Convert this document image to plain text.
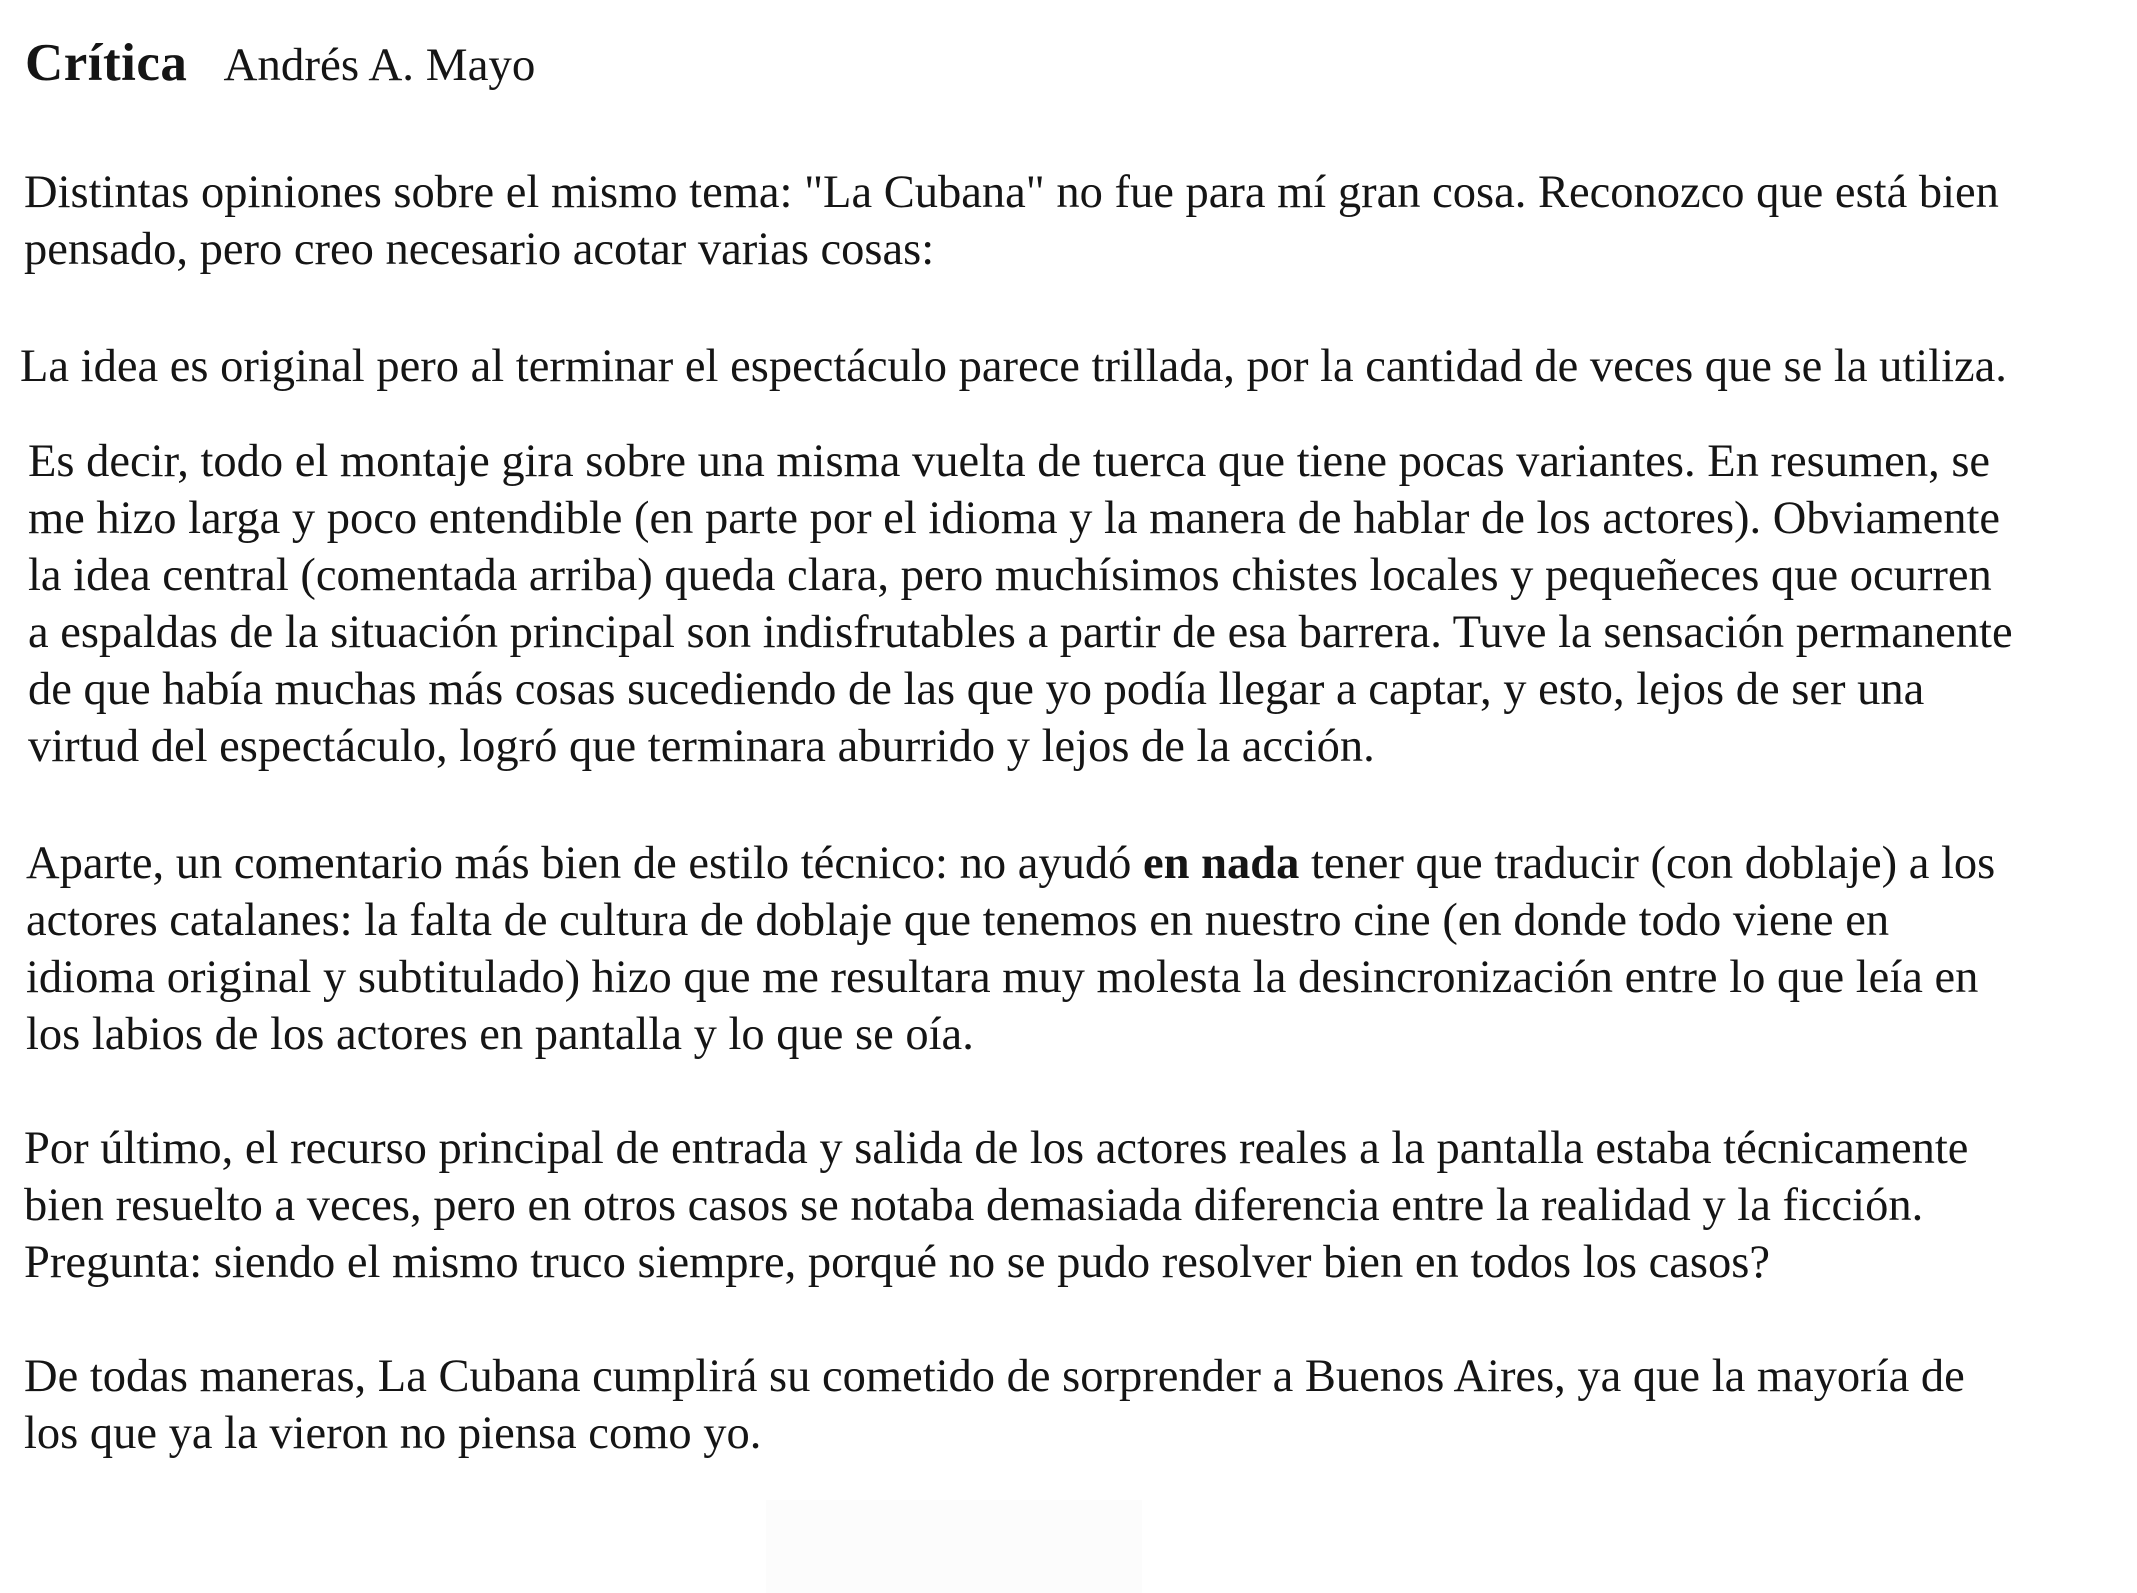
Crítica Andrés A. Mayo

Distintas opiniones sobre el mismo tema: "La Cubana" no fue para mí gran cosa. Reconozco que está bien
pensado, pero creo necesario acotar varias cosas:

La idea es original pero al terminar el espectáculo parece trillada, por la cantidad de veces que se la utiliza.

Es decir, todo el montaje gira sobre una misma vuelta de tuerca que tiene pocas variantes. En resumen, se
me hizo larga y poco entendible (en parte por el idioma y la manera de hablar de los actores). Obviamente
la idea central (comentada arriba) queda clara, pero muchísimos chistes locales y pequeñeces que ocurren
a espaldas de la situación principal son indisfrutables a partir de esa barrera. Tuve la sensación permanente
de que había muchas más cosas sucediendo de las que yo podía llegar a captar, y esto, lejos de ser una
virtud del espectáculo, logró que terminara aburrido y lejos de la acción.

Aparte, un comentario más bien de estilo técnico: no ayudó en nada tener que traducir (con doblaje) a los
actores catalanes: la falta de cultura de doblaje que tenemos en nuestro cine (en donde todo viene en
idioma original y subtitulado) hizo que me resultara muy molesta la desincronización entre lo que leía en
los labios de los actores en pantalla y lo que se oía.

Por último, el recurso principal de entrada y salida de los actores reales a la pantalla estaba técnicamente
bien resuelto a veces, pero en otros casos se notaba demasiada diferencia entre la realidad y la ficción.
Pregunta: siendo el mismo truco siempre, porqué no se pudo resolver bien en todos los casos?

De todas maneras, La Cubana cumplirá su cometido de sorprender a Buenos Aires, ya que la mayoría de
los que ya la vieron no piensa como yo.
